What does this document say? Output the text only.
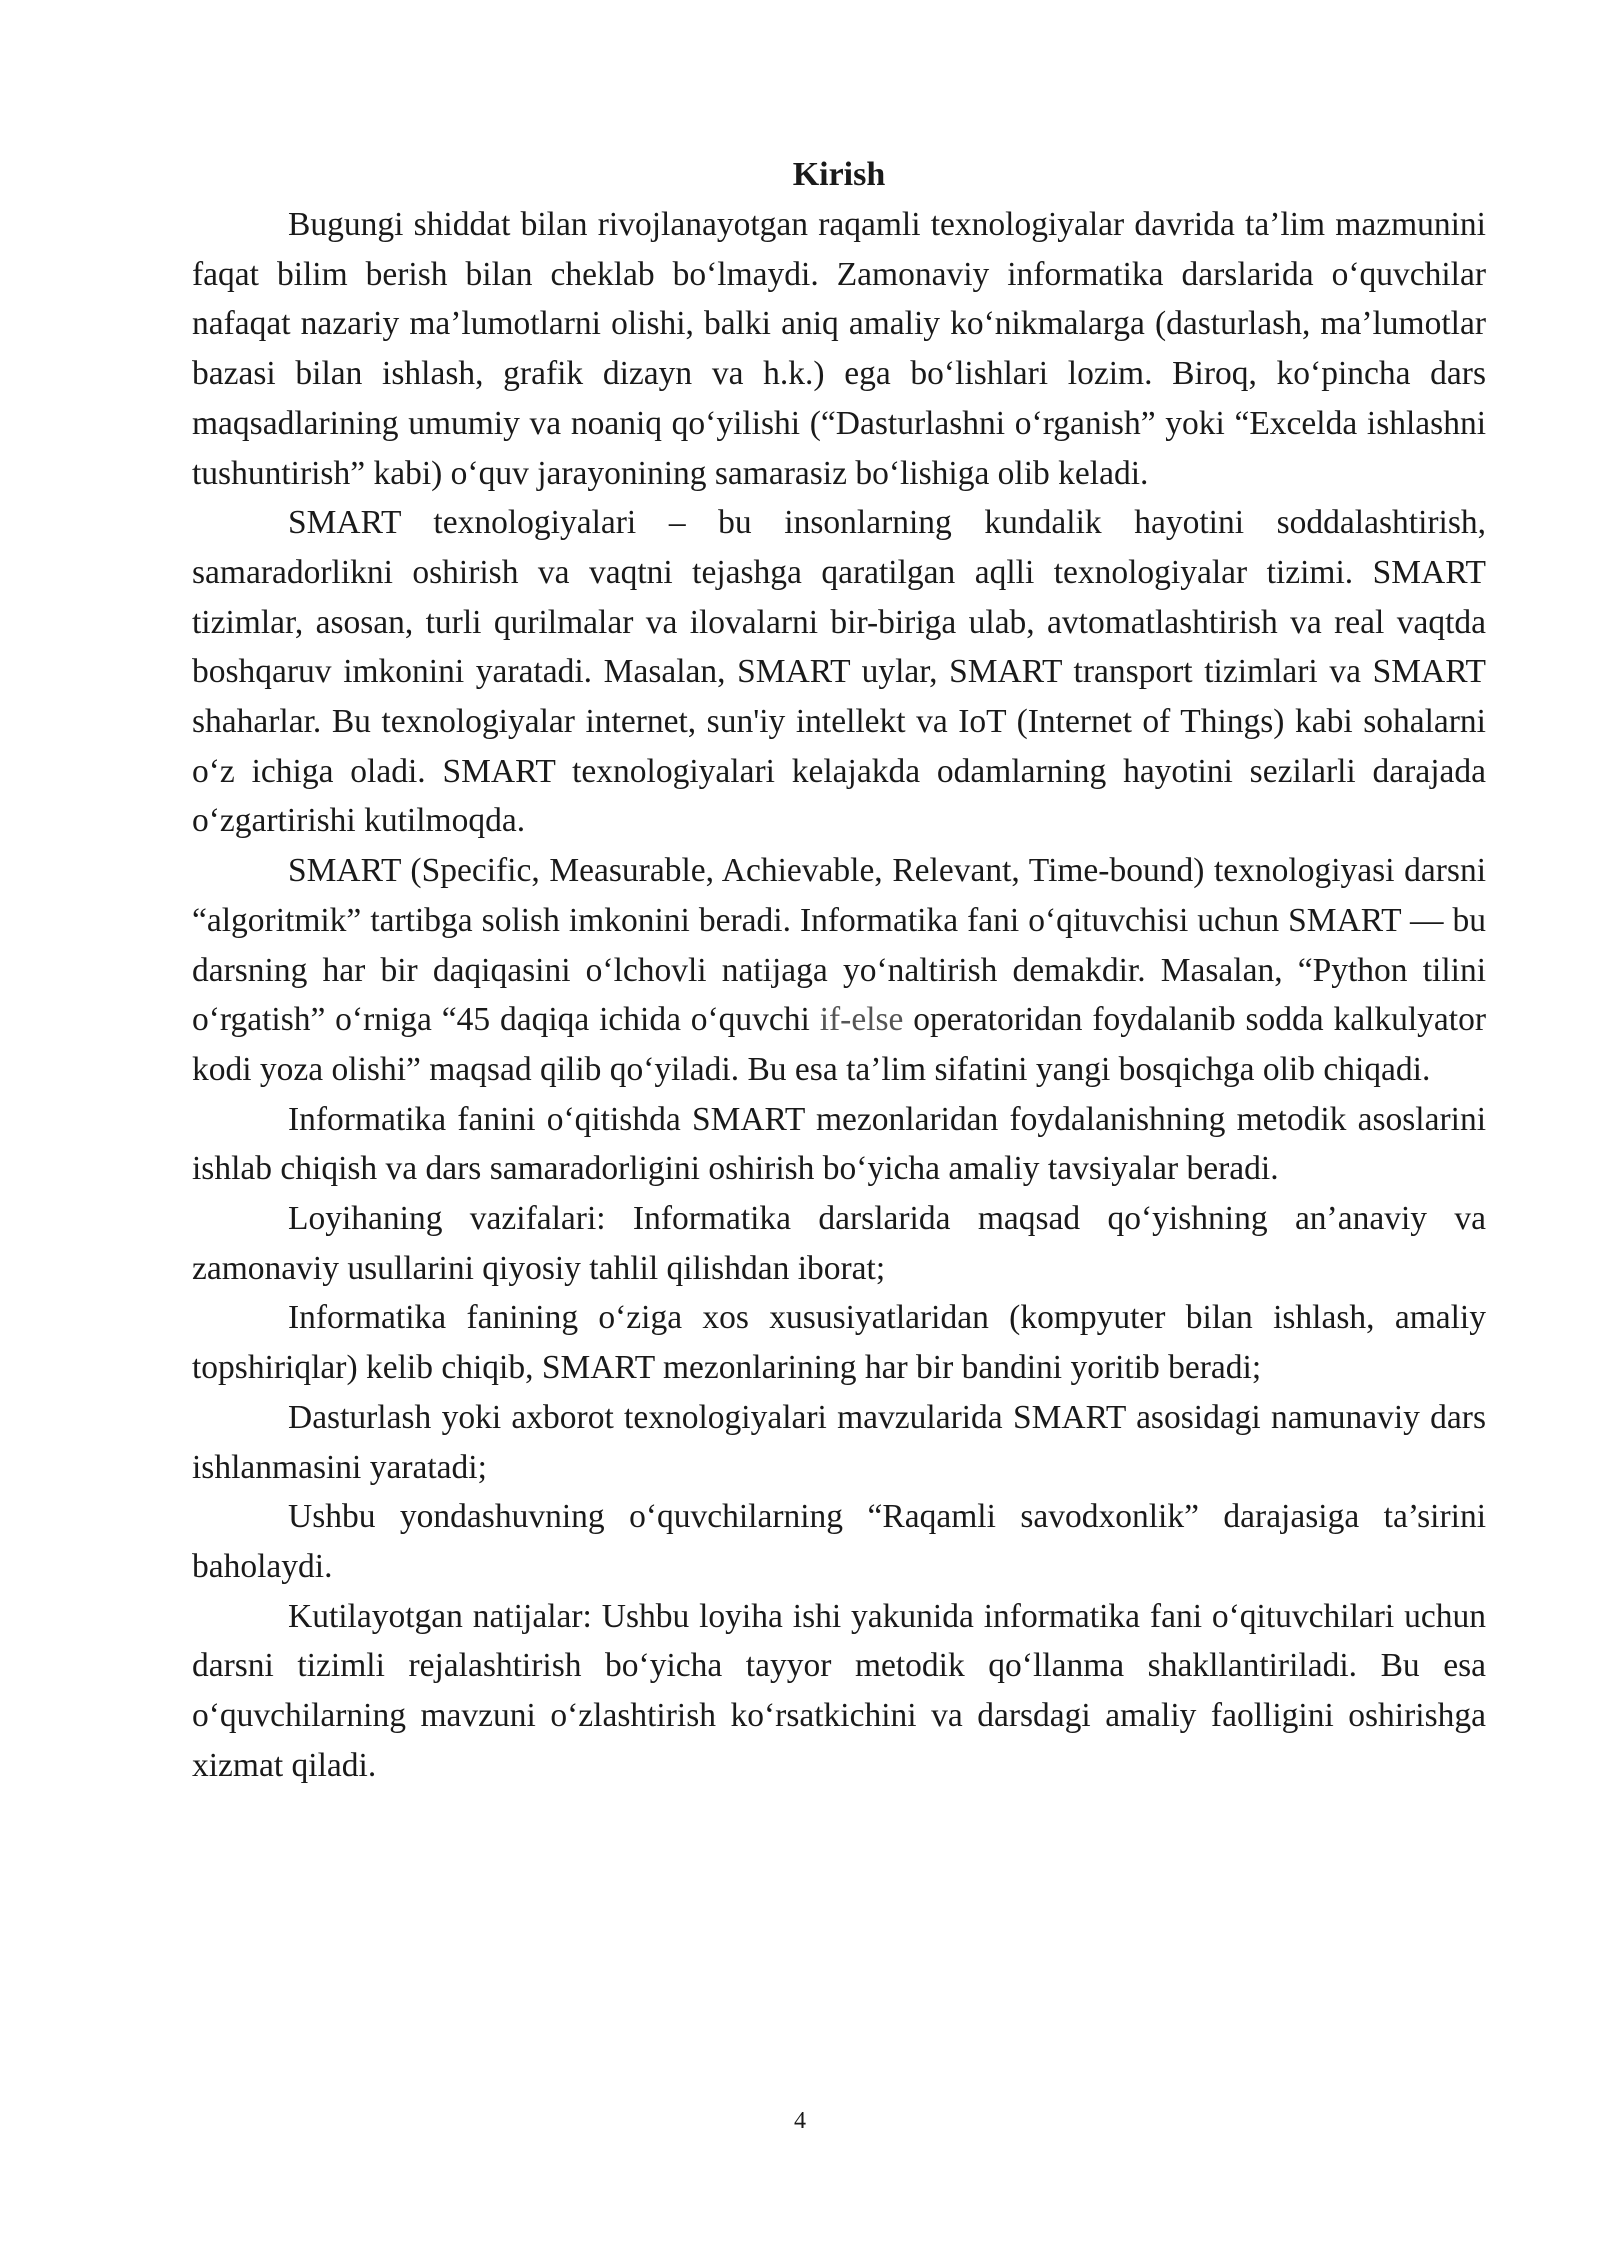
Kirish

Bugungi shiddat bilan rivojlanayotgan raqamli texnologiyalar davrida ta’lim mazmunini faqat bilim berish bilan cheklab bo‘lmaydi. Zamonaviy informatika darslarida o‘quvchilar nafaqat nazariy ma’lumotlarni olishi, balki aniq amaliy ko‘nikmalarga (dasturlash, ma’lumotlar bazasi bilan ishlash, grafik dizayn va h.k.) ega bo‘lishlari lozim. Biroq, ko‘pincha dars maqsadlarining umumiy va noaniq qo‘yilishi (“Dasturlashni o‘rganish” yoki “Excelda ishlashni tushuntirish” kabi) o‘quv jarayonining samarasiz bo‘lishiga olib keladi.

SMART texnologiyalari – bu insonlarning kundalik hayotini soddalashtirish, samaradorlikni oshirish va vaqtni tejashga qaratilgan aqlli texnologiyalar tizimi. SMART tizimlar, asosan, turli qurilmalar va ilovalarni bir-biriga ulab, avtomatlashtirish va real vaqtda boshqaruv imkonini yaratadi. Masalan, SMART uylar, SMART transport tizimlari va SMART shaharlar. Bu texnologiyalar internet, sun'iy intellekt va IoT (Internet of Things) kabi sohalarni o‘z ichiga oladi. SMART texnologiyalari kelajakda odamlarning hayotini sezilarli darajada o‘zgartirishi kutilmoqda.

SMART (Specific, Measurable, Achievable, Relevant, Time-bound) texnologiyasi darsni “algoritmik” tartibga solish imkonini beradi. Informatika fani o‘qituvchisi uchun SMART — bu darsning har bir daqiqasini o‘lchovli natijaga yo‘naltirish demakdir. Masalan, “Python tilini o‘rgatish” o‘rniga “45 daqiqa ichida o‘quvchi if-else operatoridan foydalanib sodda kalkulyator kodi yoza olishi” maqsad qilib qo‘yiladi. Bu esa ta’lim sifatini yangi bosqichga olib chiqadi.

Informatika fanini o‘qitishda SMART mezonlaridan foydalanishning metodik asoslarini ishlab chiqish va dars samaradorligini oshirish bo‘yicha amaliy tavsiyalar beradi.

Loyihaning vazifalari: Informatika darslarida maqsad qo‘yishning an’anaviy va zamonaviy usullarini qiyosiy tahlil qilishdan iborat;

Informatika fanining o‘ziga xos xususiyatlaridan (kompyuter bilan ishlash, amaliy topshiriqlar) kelib chiqib, SMART mezonlarining har bir bandini yoritib beradi;

Dasturlash yoki axborot texnologiyalari mavzularida SMART asosidagi namunaviy dars ishlanmasini yaratadi;

Ushbu yondashuvning o‘quvchilarning “Raqamli savodxonlik” darajasiga ta’sirini baholaydi.

Kutilayotgan natijalar: Ushbu loyiha ishi yakunida informatika fani o‘qituvchilari uchun darsni tizimli rejalashtirish bo‘yicha tayyor metodik qo‘llanma shakllantiriladi. Bu esa o‘quvchilarning mavzuni o‘zlashtirish ko‘rsatkichini va darsdagi amaliy faolligini oshirishga xizmat qiladi.

4
